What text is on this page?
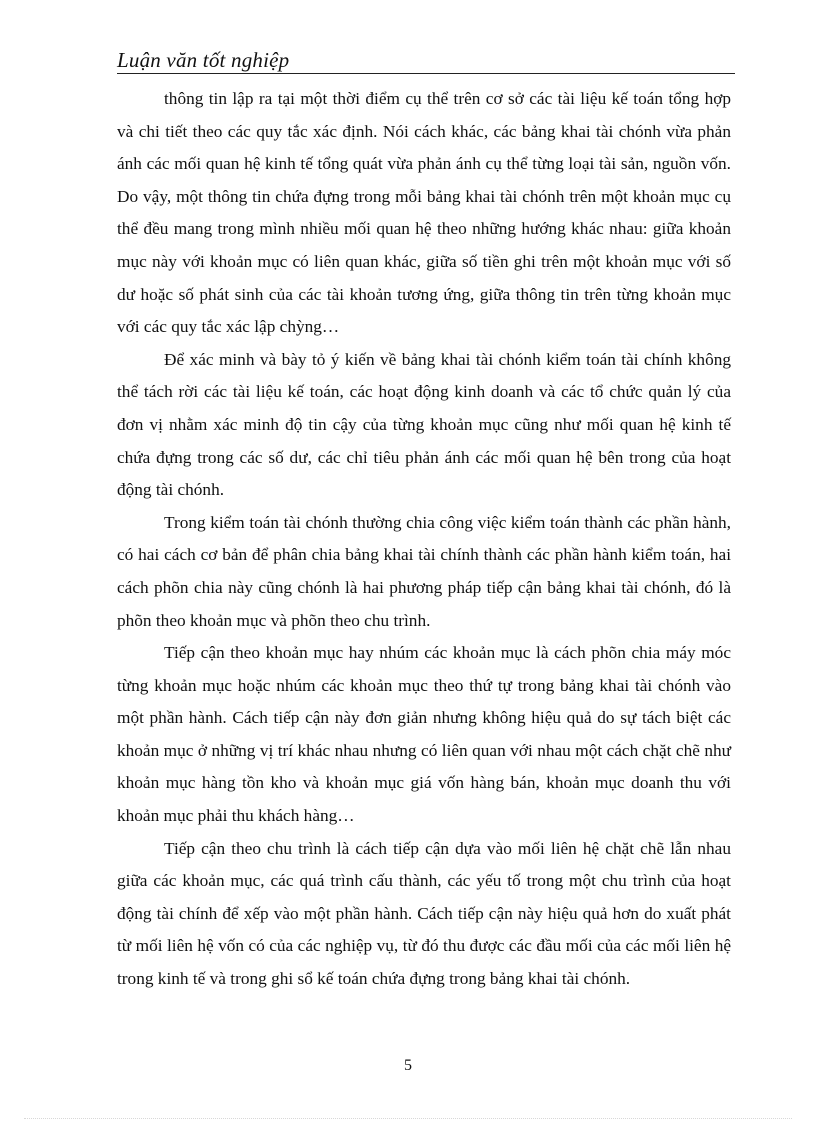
Luận văn tốt nghiệp

thông tin lập ra tại một thời điểm cụ thể trên cơ sở các tài liệu kế toán tổng hợp và chi tiết theo các quy tắc xác định. Nói cách khác, các bảng khai tài chónh vừa phản ánh các mối quan hệ kinh tế tổng quát vừa phản ánh cụ thể từng loại tài sản, nguồn vốn. Do vậy, một thông tin chứa đựng trong mỗi bảng khai tài chónh trên một khoản mục cụ thể đều mang trong mình nhiều mối quan hệ theo những hướng khác nhau: giữa khoản mục này với khoản mục có liên quan khác, giữa số tiền ghi trên một khoản mục với số dư hoặc số phát sinh của các tài khoản tương ứng, giữa thông tin trên từng khoản mục với các quy tắc xác lập chỳng…

Để xác minh và bày tỏ ý kiến về bảng khai tài chónh kiểm toán tài chính không thể tách rời các tài liệu kế toán, các hoạt động kinh doanh và các tổ chức quản lý của đơn vị nhằm xác minh độ tin cậy của từng khoản mục cũng như mối quan hệ kinh tế chứa đựng trong các số dư, các chỉ tiêu phản ánh các mối quan hệ bên trong của hoạt động tài chónh.

Trong kiểm toán tài chónh thường chia công việc kiểm toán thành các phần hành, có hai cách cơ bản để phân chia bảng khai tài chính thành các phần hành kiểm toán, hai cách phõn chia này cũng chónh là hai phương pháp tiếp cận bảng khai tài chónh, đó là phõn theo khoản mục và phõn theo chu trình.

Tiếp cận theo khoản mục hay nhúm các khoản mục là cách phõn chia máy móc từng khoản mục hoặc nhúm các khoản mục theo thứ tự trong bảng khai tài chónh vào một phần hành. Cách tiếp cận này đơn giản nhưng không hiệu quả do sự tách biệt các khoản mục ở những vị trí khác nhau nhưng có liên quan với nhau một cách chặt chẽ như khoản mục hàng tồn kho và khoản mục giá vốn hàng bán, khoản mục doanh thu với khoản mục phải thu khách hàng…

Tiếp cận theo chu trình là cách tiếp cận dựa vào mối liên hệ chặt chẽ lẫn nhau giữa các khoản mục, các quá trình cấu thành, các yếu tố trong một chu trình của hoạt động tài chính để xếp vào một phần hành. Cách tiếp cận này hiệu quả hơn do xuất phát từ mối liên hệ vốn có của các nghiệp vụ, từ đó thu được các đầu mối của các mối liên hệ trong kinh tế và trong ghi sổ kế toán chứa đựng trong bảng khai tài chónh.

5
